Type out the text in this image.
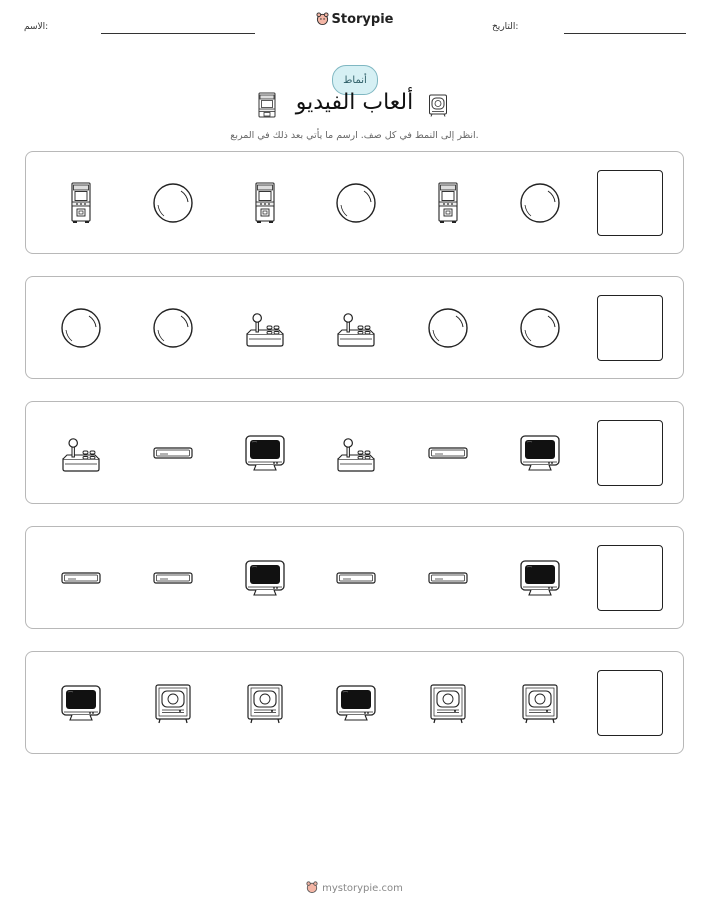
التاريخ:
الاسم:	Storypie
أنماط
ألعاب الفيديو
انظر إلى النمط في كل صف. ارسم ما يأتي بعد ذلك في المربع.
mystorypie.com
